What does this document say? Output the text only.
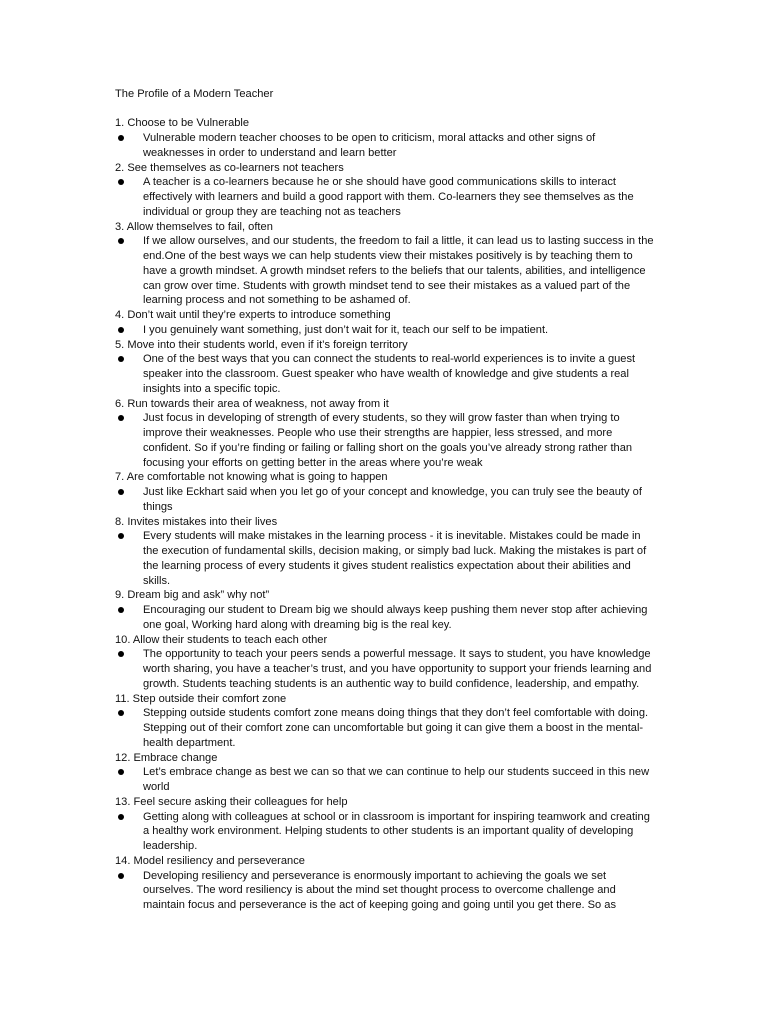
The Profile of a Modern Teacher

1. Choose to be Vulnerable

Vulnerable modern teacher chooses to be open to criticism, moral attacks and other signs of weaknesses in order to understand and learn better

2. See themselves as co-learners not teachers

A teacher is a co-learners because he or she should have good communications skills to interact effectively with learners and build a good rapport with them. Co-learners they see themselves as the individual or group they are teaching not as teachers

3. Allow themselves to fail, often

If we allow ourselves, and our students, the freedom to fail a little, it can lead us to lasting success in the end.One of the best ways we can help students view their mistakes positively is by teaching them to have a growth mindset. A growth mindset refers to the beliefs that our talents, abilities, and intelligence can grow over time. Students with growth mindset tend to see their mistakes as a valued part of the learning process and not something to be ashamed of.

4. Don’t wait until they’re experts to introduce something

I you genuinely want something, just don’t wait for it, teach our self to be impatient.

5. Move into their students world, even if it’s foreign territory

One of the best ways that you can connect the students to real-world experiences is to invite a guest speaker into the classroom. Guest speaker who have wealth of knowledge and give students a real insights into a specific topic.

6. Run towards their area of weakness, not away from it

Just focus in developing of strength of every students, so they will grow faster than when trying to improve their weaknesses. People who use their strengths are happier, less stressed, and more confident. So if you’re finding or failing or falling short on the goals you’ve already strong rather than focusing your efforts on getting better in the areas where you’re weak

7. Are comfortable not knowing what is going to happen

Just like Eckhart said when you let go of your concept and knowledge, you can truly see the beauty of things

8. Invites mistakes into their lives

Every students will make mistakes in the learning process - it is inevitable. Mistakes could be made in the execution of fundamental skills, decision making, or simply bad luck. Making the mistakes is part of the learning process of every students it gives student realistics expectation about their abilities and skills.

9. Dream big and ask” why not”

Encouraging our student to Dream big we should always keep pushing them never stop after achieving one goal, Working hard along with dreaming big is the real key.

10. Allow their students to teach each other

The opportunity to teach your peers sends a powerful message. It says to student, you have knowledge worth sharing, you have a teacher’s trust, and you have opportunity to support your friends learning and growth. Students teaching students is an authentic way to build confidence, leadership, and empathy.

11. Step outside their comfort zone

Stepping outside students comfort zone means doing things that they don’t feel comfortable with doing. Stepping out of their comfort zone can uncomfortable but going it can give them a boost in the mental-health department.

12. Embrace change

Let’s embrace change as best we can so that we can continue to help our students succeed in this new world

13. Feel secure asking their colleagues for help

Getting along with colleagues at school or in classroom is important for inspiring teamwork and creating a healthy work environment. Helping students to other students is an important quality of developing leadership.

14. Model resiliency and perseverance

Developing resiliency and perseverance is enormously important to achieving the goals we set ourselves. The word resiliency is about the mind set thought process to overcome challenge and maintain focus and perseverance is the act of keeping going and going until you get there. So as
